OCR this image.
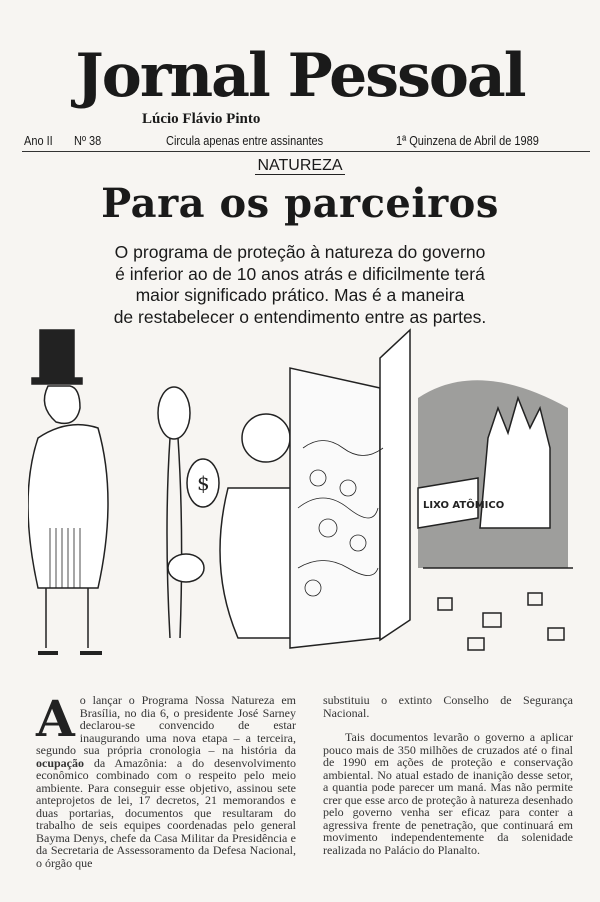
Jornal Pessoal
Lúcio Flávio Pinto
Ano II Nº 38	Circula apenas entre assinantes	1ª Quinzena de Abril de 1989
NATUREZA
Para os parceiros
O programa de proteção à natureza do governo
é inferior ao de 10 anos atrás e dificilmente terá
maior significado prático. Mas é a maneira
de restabelecer o entendimento entre as partes.
$
LIXO ATÔMICO
Ao lançar o Programa Nossa Natureza em Brasília, no dia 6, o presidente José Sarney declarou-se convencido de estar inaugurando uma nova etapa – a terceira, segundo sua própria cronologia – na história da ocupação da Amazônia: a do desenvolvimento econômico combinado com o respeito pelo meio ambiente. Para conseguir esse objetivo, assinou sete anteprojetos de lei, 17 decretos, 21 memorandos e duas portarias, documentos que resultaram do trabalho de seis equipes coordenadas pelo general Bayma Denys, chefe da Casa Militar da Presidência e da Secretaria de Assessoramento da Defesa Nacional, o órgão que

substituiu o extinto Conselho de Segurança Nacional.

Tais documentos levarão o governo a aplicar pouco mais de 350 milhões de cruzados até o final de 1990 em ações de proteção e conservação ambiental. No atual estado de inanição desse setor, a quantia pode parecer um maná. Mas não permite crer que esse arco de proteção à natureza desenhado pelo governo venha ser eficaz para conter a agressiva frente de penetração, que continuará em movimento independentemente da solenidade realizada no Palácio do Planalto.
